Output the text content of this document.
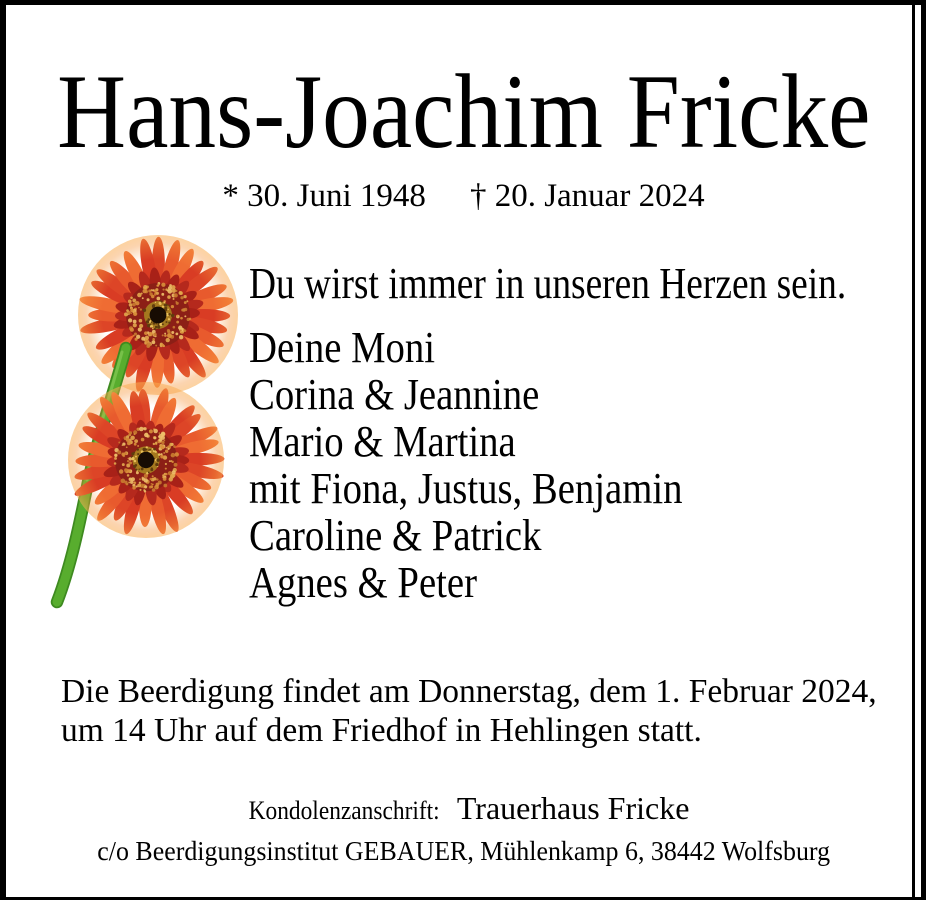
Hans-Joachim Fricke
* 30. Juni 1948 † 20. Januar 2024
Du wirst immer in unseren Herzen sein.
Deine Moni
Corina & Jeannine
Mario & Martina
mit Fiona, Justus, Benjamin
Caroline & Patrick
Agnes & Peter
Die Beerdigung findet am Donnerstag, dem 1. Februar 2024,
um 14 Uhr auf dem Friedhof in Hehlingen statt.
Kondolenzanschrift: Trauerhaus Fricke
c/o Beerdigungsinstitut GEBAUER, Mühlenkamp 6, 38442 Wolfsburg
